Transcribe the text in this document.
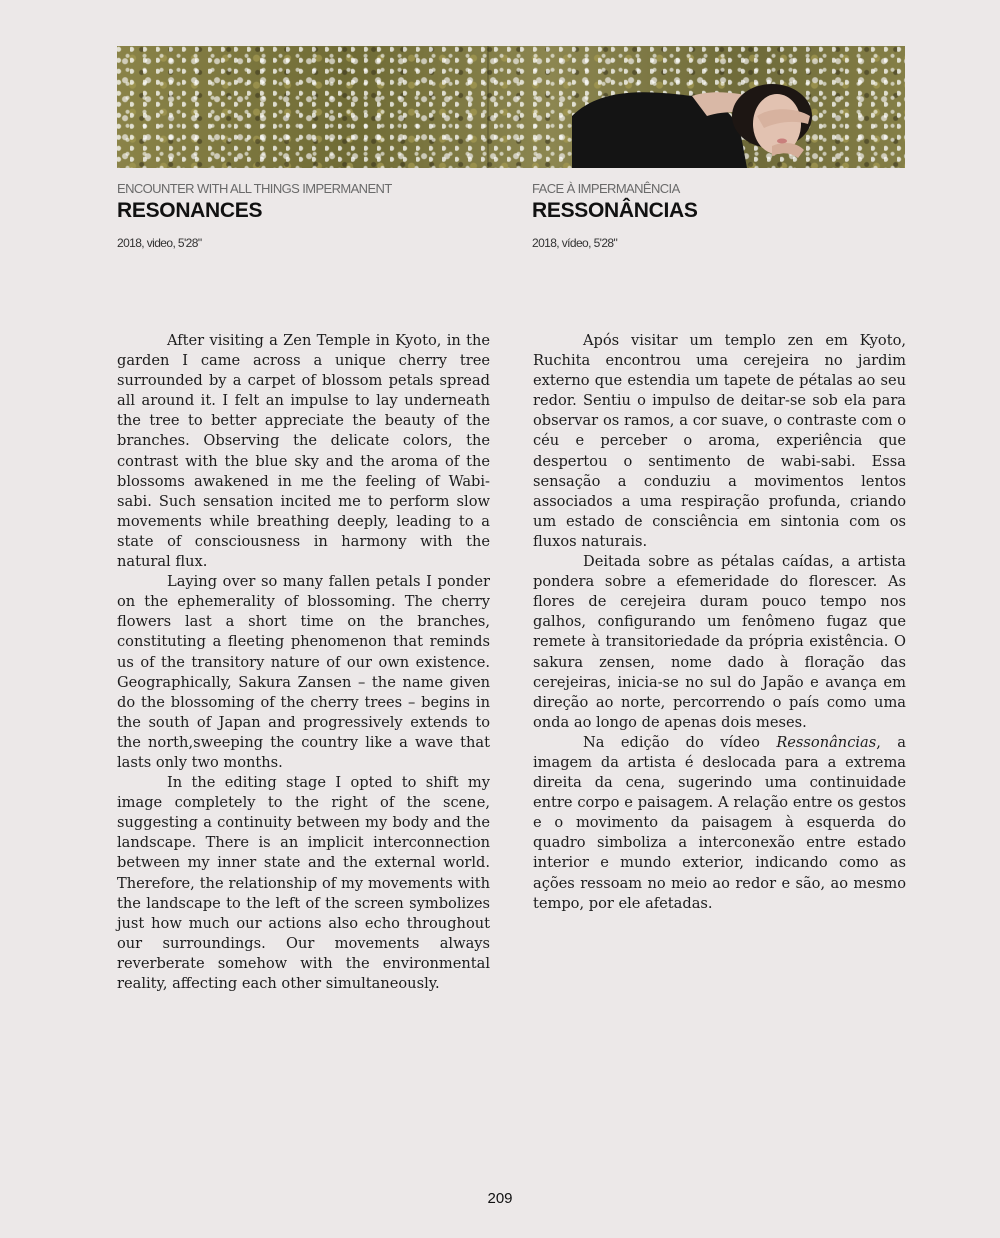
ENCOUNTER WITH ALL THINGS IMPERMANENT
RESONANCES
2018, video, 5'28"
FACE À IMPERMANÊNCIA
RESSONÂNCIAS
2018, vídeo, 5'28"

After visiting a Zen Temple in Kyoto, in the garden I came across a unique cherry tree surrounded by a carpet of blossom petals spread all around it. I felt an impulse to lay underneath the tree to better appreciate the beauty of the branches. Observing the delicate colors, the contrast with the blue sky and the aroma of the blossoms awakened in me the feeling of Wabi-sabi. Such sensation incited me to perform slow movements while breathing deeply, leading to a state of consciousness in harmony with the natural flux.

Laying over so many fallen petals I ponder on the ephemerality of blossoming. The cherry flowers last a short time on the branches, constituting a fleeting phenomenon that reminds us of the transitory nature of our own existence. Geographically, Sakura Zansen – the name given do the blossoming of the cherry trees – begins in the south of Japan and progressively extends to the north,sweeping the country like a wave that lasts only two months.

In the editing stage I opted to shift my image completely to the right of the scene, suggesting a continuity between my body and the landscape. There is an implicit interconnection between my inner state and the external world. Therefore, the relationship of my movements with the landscape to the left of the screen symbolizes just how much our actions also echo throughout our surroundings. Our movements always reverberate somehow with the environmental reality, affecting each other simultaneously.

Após visitar um templo zen em Kyoto, Ruchita encontrou uma cerejeira no jardim externo que estendia um tapete de pétalas ao seu redor. Sentiu o impulso de deitar-se sob ela para observar os ramos, a cor suave, o contraste com o céu e perceber o aroma, experiência que despertou o sentimento de wabi-sabi. Essa sensação a conduziu a movimentos lentos associados a uma respiração profunda, criando um estado de consciência em sintonia com os fluxos naturais.

Deitada sobre as pétalas caídas, a artista pondera sobre a efemeridade do florescer. As flores de cerejeira duram pouco tempo nos galhos, configurando um fenômeno fugaz que remete à transitoriedade da própria existência. O sakura zensen, nome dado à floração das cerejeiras, inicia-se no sul do Japão e avança em direção ao norte, percorrendo o país como uma onda ao longo de apenas dois meses.

Na edição do vídeo Ressonâncias, a imagem da artista é deslocada para a extrema direita da cena, sugerindo uma continuidade entre corpo e paisagem. A relação entre os gestos e o movimento da paisagem à esquerda do quadro simboliza a interconexão entre estado interior e mundo exterior, indicando como as ações ressoam no meio ao redor e são, ao mesmo tempo, por ele afetadas.

209
